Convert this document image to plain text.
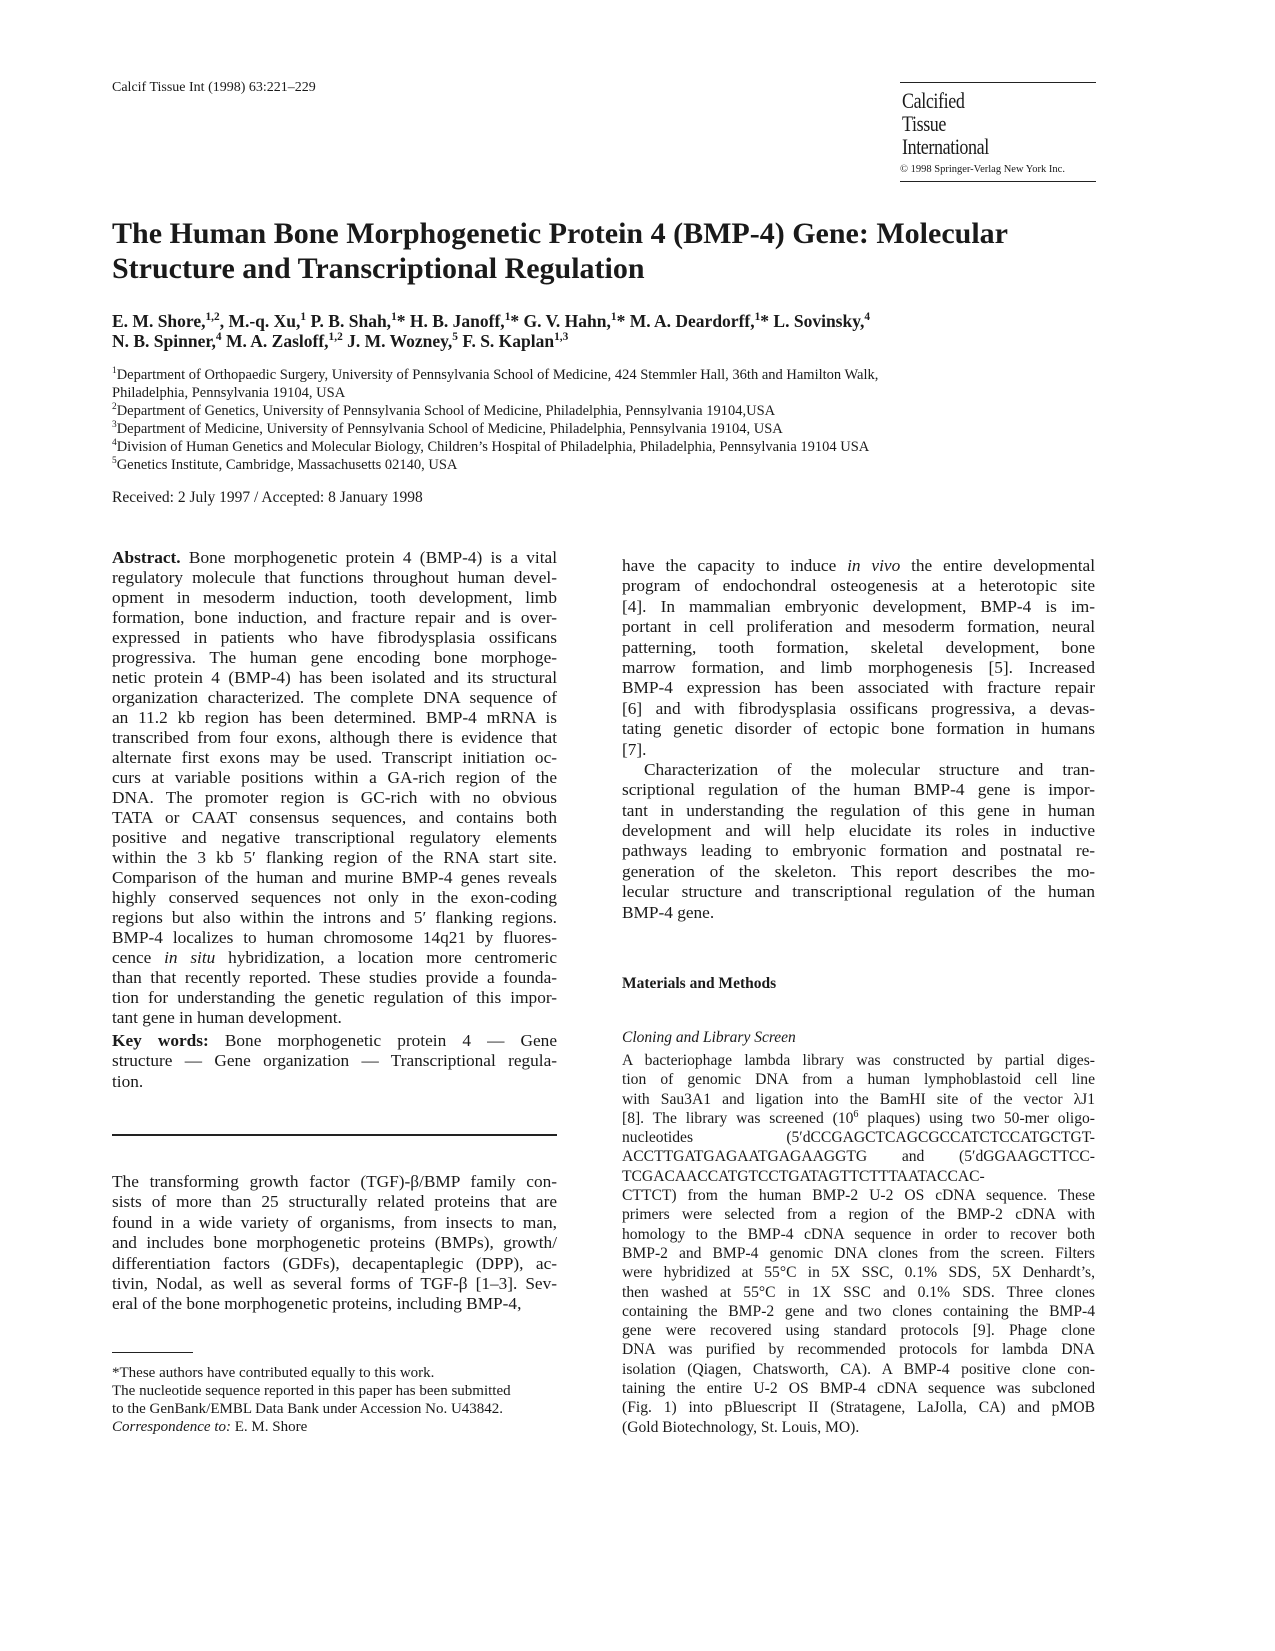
Calcif Tissue Int (1998) 63:221–229
Calcified
Tissue
International
© 1998 Springer-Verlag New York Inc.
The Human Bone Morphogenetic Protein 4 (BMP-4) Gene: Molecular
Structure and Transcriptional Regulation
E. M. Shore,$^{1,2}$, M.-q. Xu,$^1$ P. B. Shah,$^1$* H. B. Janoff,$^1$* G. V. Hahn,$^1$* M. A. Deardorff,$^1$* L. Sovinsky,$^4$
N. B. Spinner,$^4$ M. A. Zasloff,$^{1,2}$ J. M. Wozney,$^5$ F. S. Kaplan$^{1,3}$
$^1$Department of Orthopaedic Surgery, University of Pennsylvania School of Medicine, 424 Stemmler Hall, 36th and Hamilton Walk,
Philadelphia, Pennsylvania 19104, USA
$^2$Department of Genetics, University of Pennsylvania School of Medicine, Philadelphia, Pennsylvania 19104,USA
$^3$Department of Medicine, University of Pennsylvania School of Medicine, Philadelphia, Pennsylvania 19104, USA
$^4$Division of Human Genetics and Molecular Biology, Children’s Hospital of Philadelphia, Philadelphia, Pennsylvania 19104 USA
$^5$Genetics Institute, Cambridge, Massachusetts 02140, USA
Received: 2 July 1997 / Accepted: 8 January 1998
Abstract. Bone morphogenetic protein 4 (BMP-4) is a vital
regulatory molecule that functions throughout human devel-
opment in mesoderm induction, tooth development, limb
formation, bone induction, and fracture repair and is over-
expressed in patients who have fibrodysplasia ossificans
progressiva. The human gene encoding bone morphoge-
netic protein 4 (BMP-4) has been isolated and its structural
organization characterized. The complete DNA sequence of
an 11.2 kb region has been determined. BMP-4 mRNA is
transcribed from four exons, although there is evidence that
alternate first exons may be used. Transcript initiation oc-
curs at variable positions within a GA-rich region of the
DNA. The promoter region is GC-rich with no obvious
TATA or CAAT consensus sequences, and contains both
positive and negative transcriptional regulatory elements
within the 3 kb 5′ flanking region of the RNA start site.
Comparison of the human and murine BMP-4 genes reveals
highly conserved sequences not only in the exon-coding
regions but also within the introns and 5′ flanking regions.
BMP-4 localizes to human chromosome 14q21 by fluores-
cence in situ hybridization, a location more centromeric
than that recently reported. These studies provide a founda-
tion for understanding the genetic regulation of this impor-
tant gene in human development.
Key words: Bone morphogenetic protein 4 — Gene
structure — Gene organization — Transcriptional regula-
tion.
The transforming growth factor (TGF)-β/BMP family con-
sists of more than 25 structurally related proteins that are
found in a wide variety of organisms, from insects to man,
and includes bone morphogenetic proteins (BMPs), growth/
differentiation factors (GDFs), decapentaplegic (DPP), ac-
tivin, Nodal, as well as several forms of TGF-β [1–3]. Sev-
eral of the bone morphogenetic proteins, including BMP-4,
*These authors have contributed equally to this work.
The nucleotide sequence reported in this paper has been submitted
to the GenBank/EMBL Data Bank under Accession No. U43842.
Correspondence to: E. M. Shore
have the capacity to induce in vivo the entire developmental
program of endochondral osteogenesis at a heterotopic site
[4]. In mammalian embryonic development, BMP-4 is im-
portant in cell proliferation and mesoderm formation, neural
patterning, tooth formation, skeletal development, bone
marrow formation, and limb morphogenesis [5]. Increased
BMP-4 expression has been associated with fracture repair
[6] and with fibrodysplasia ossificans progressiva, a devas-
tating genetic disorder of ectopic bone formation in humans
[7].
Characterization of the molecular structure and tran-
scriptional regulation of the human BMP-4 gene is impor-
tant in understanding the regulation of this gene in human
development and will help elucidate its roles in inductive
pathways leading to embryonic formation and postnatal re-
generation of the skeleton. This report describes the mo-
lecular structure and transcriptional regulation of the human
BMP-4 gene.
Materials and Methods
Cloning and Library Screen
A bacteriophage lambda library was constructed by partial diges-
tion of genomic DNA from a human lymphoblastoid cell line
with Sau3A1 and ligation into the BamHI site of the vector λJ1
[8]. The library was screened ($10^6$ plaques) using two 50-mer oligo-
nucleotides (5′dCCGAGCTCAGCGCCATCTCCATGCTGT-
ACCTTGATGAGAATGAGAAGGTG and (5′dGGAAGCTTCC-
TCGACAACCATGTCCTGATAGTTCTTTAATACCAC-
CTTCT) from the human BMP-2 U-2 OS cDNA sequence. These
primers were selected from a region of the BMP-2 cDNA with
homology to the BMP-4 cDNA sequence in order to recover both
BMP-2 and BMP-4 genomic DNA clones from the screen. Filters
were hybridized at 55°C in 5X SSC, 0.1% SDS, 5X Denhardt’s,
then washed at 55°C in 1X SSC and 0.1% SDS. Three clones
containing the BMP-2 gene and two clones containing the BMP-4
gene were recovered using standard protocols [9]. Phage clone
DNA was purified by recommended protocols for lambda DNA
isolation (Qiagen, Chatsworth, CA). A BMP-4 positive clone con-
taining the entire U-2 OS BMP-4 cDNA sequence was subcloned
(Fig. 1) into pBluescript II (Stratagene, LaJolla, CA) and pMOB
(Gold Biotechnology, St. Louis, MO).
